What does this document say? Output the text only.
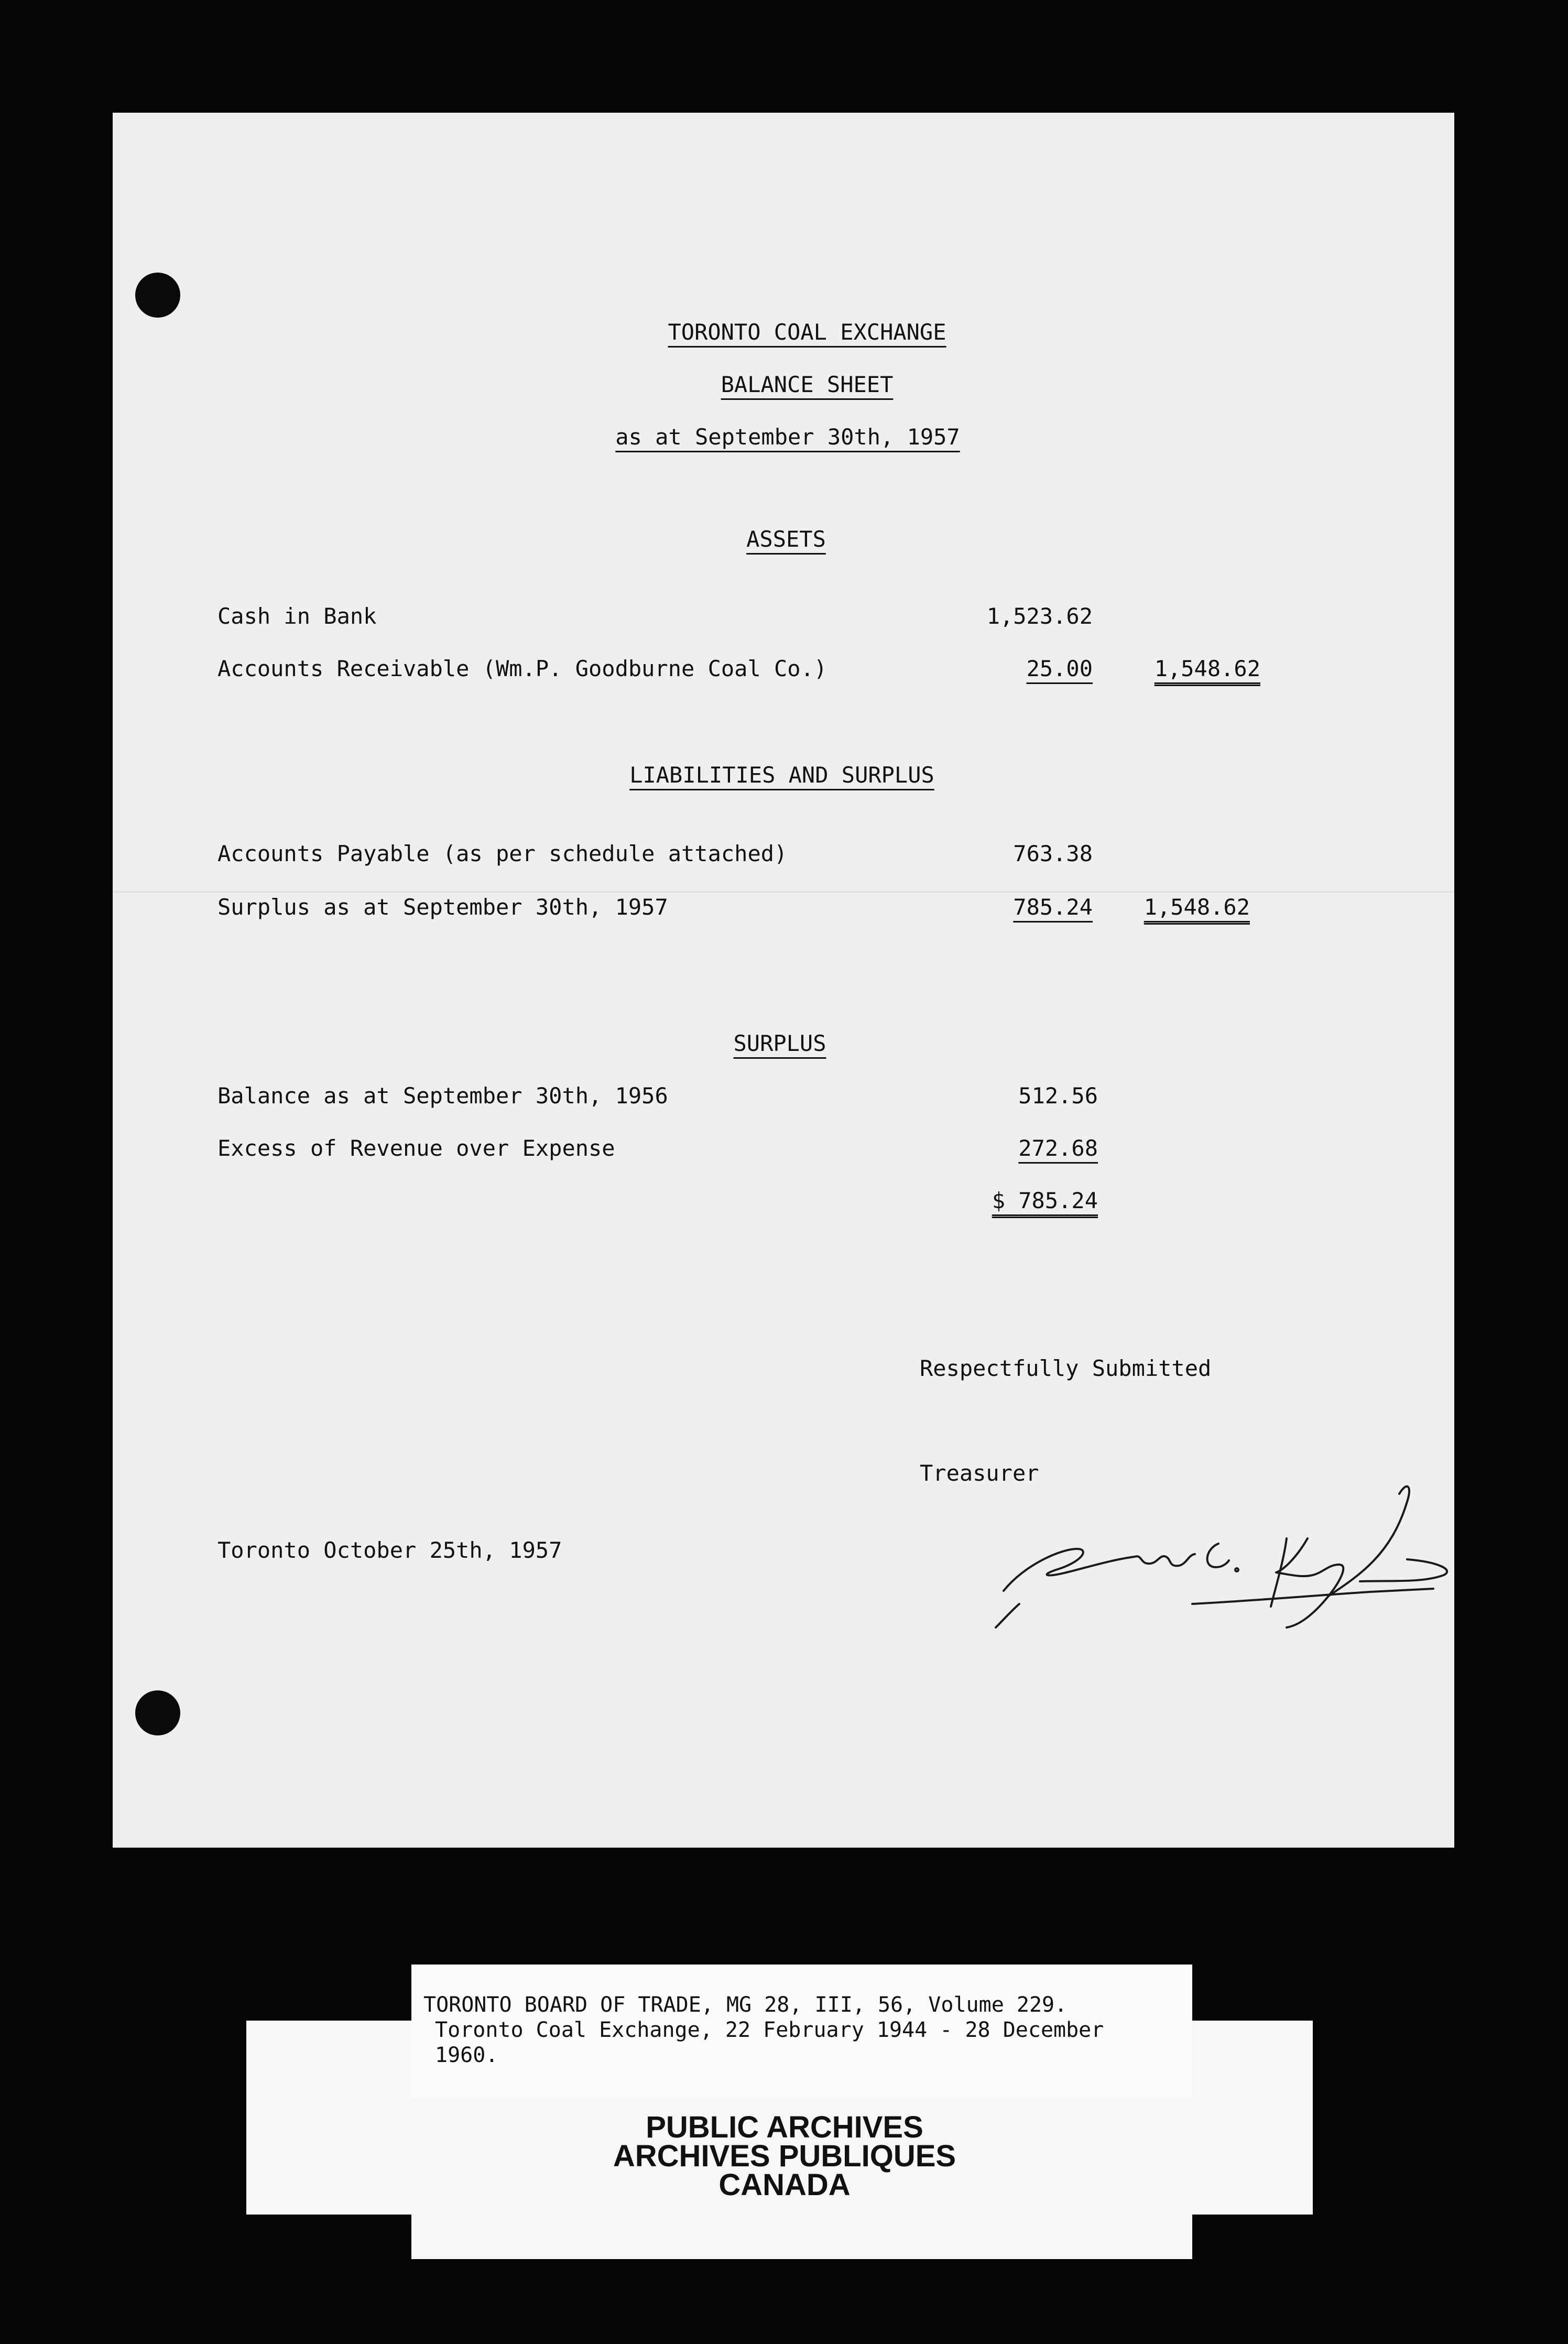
TORONTO COAL EXCHANGE
BALANCE SHEET
as at September 30th, 1957
ASSETS
Cash in Bank	1,523.62
Accounts Receivable (Wm.P. Goodburne Coal Co.)	25.00	1,548.62
LIABILITIES AND SURPLUS
Accounts Payable (as per schedule attached)	763.38
Surplus as at September 30th, 1957	785.24	1,548.62
SURPLUS
Balance as at September 30th, 1956	512.56
Excess of Revenue over Expense	272.68
$ 785.24
Respectfully Submitted
Treasurer
Toronto October 25th, 1957
TORONTO BOARD OF TRADE, MG 28, III, 56, Volume 229.
Toronto Coal Exchange, 22 February 1944 - 28 December
1960.
PUBLIC ARCHIVES
ARCHIVES PUBLIQUES
CANADA
